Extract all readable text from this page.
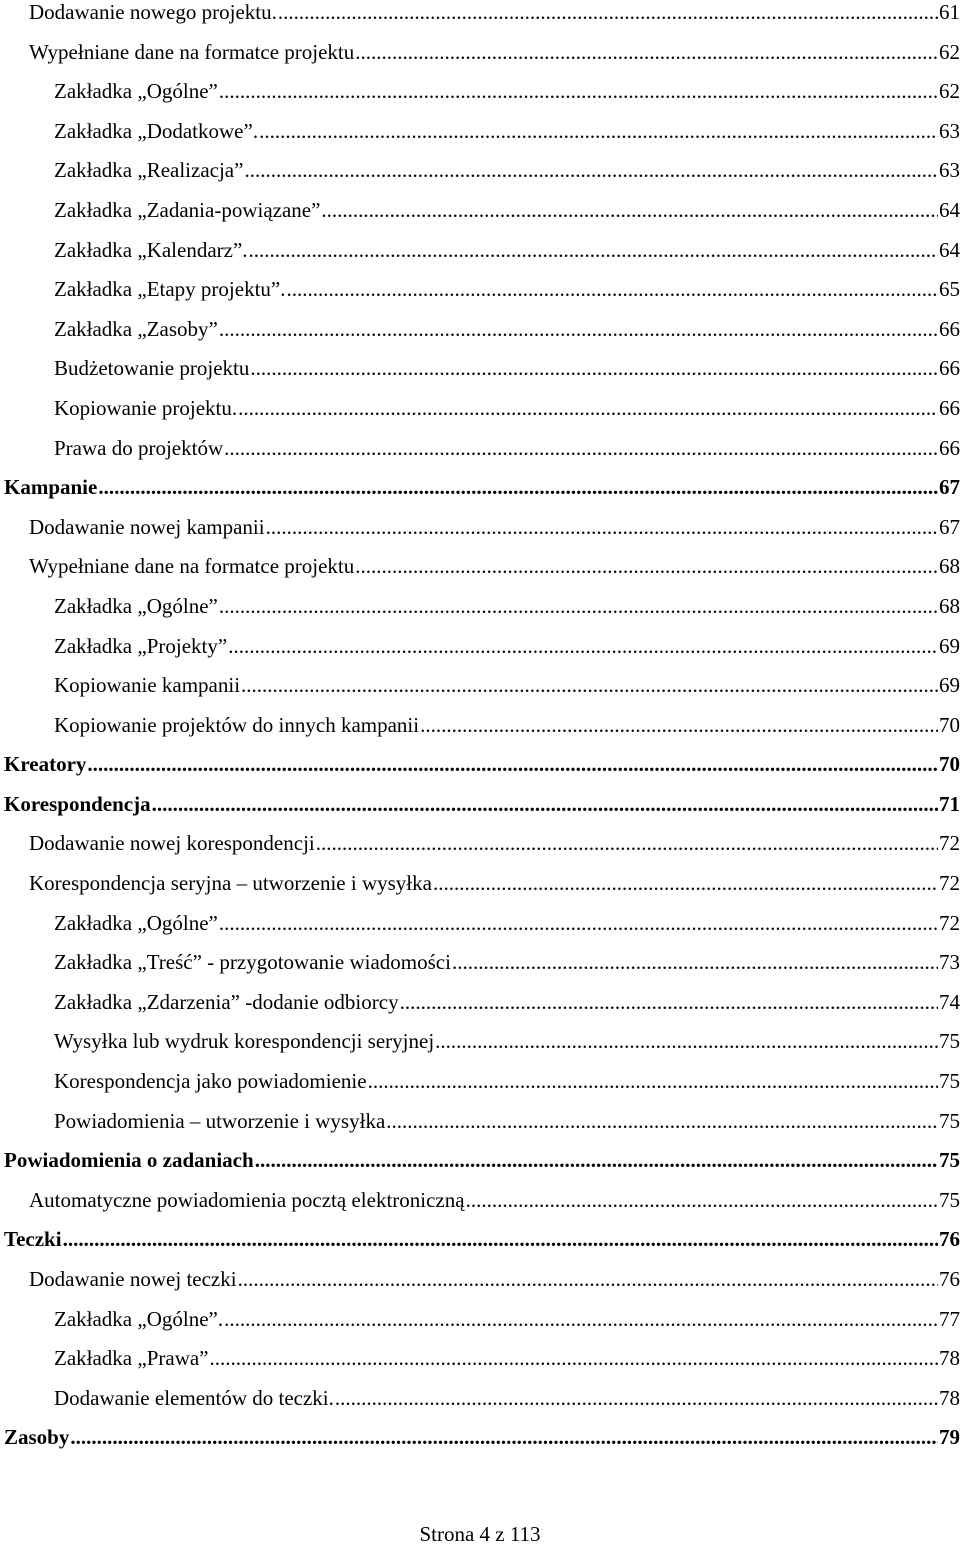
Dodawanie nowego projektu. .....	61
Wypełniane dane na formatce projektu .....	62
Zakładka „Ogólne” .....	62
Zakładka „Dodatkowe”. .....	63
Zakładka „Realizacja” .....	63
Zakładka „Zadania-powiązane” .....	64
Zakładka „Kalendarz”. .....	64
Zakładka „Etapy projektu”. .....	65
Zakładka „Zasoby” .....	66
Budżetowanie projektu .....	66
Kopiowanie projektu. .....	66
Prawa do projektów .....	66
Kampanie .....	67
Dodawanie nowej kampanii .....	67
Wypełniane dane na formatce projektu .....	68
Zakładka „Ogólne” .....	68
Zakładka „Projekty” .....	69
Kopiowanie kampanii .....	69
Kopiowanie projektów do innych kampanii .....	70
Kreatory .....	70
Korespondencja .....	71
Dodawanie nowej korespondencji .....	72
Korespondencja seryjna – utworzenie i wysyłka .....	72
Zakładka „Ogólne” .....	72
Zakładka „Treść” - przygotowanie wiadomości .....	73
Zakładka „Zdarzenia” -dodanie odbiorcy .....	74
Wysyłka lub wydruk korespondencji seryjnej .....	75
Korespondencja jako powiadomienie .....	75
Powiadomienia – utworzenie i wysyłka .....	75
Powiadomienia o zadaniach .....	75
Automatyczne powiadomienia pocztą elektroniczną .....	75
Teczki .....	76
Dodawanie nowej teczki .....	76
Zakładka „Ogólne”. .....	77
Zakładka „Prawa” .....	78
Dodawanie elementów do teczki. .....	78
Zasoby .....	79
Strona 4 z 113
